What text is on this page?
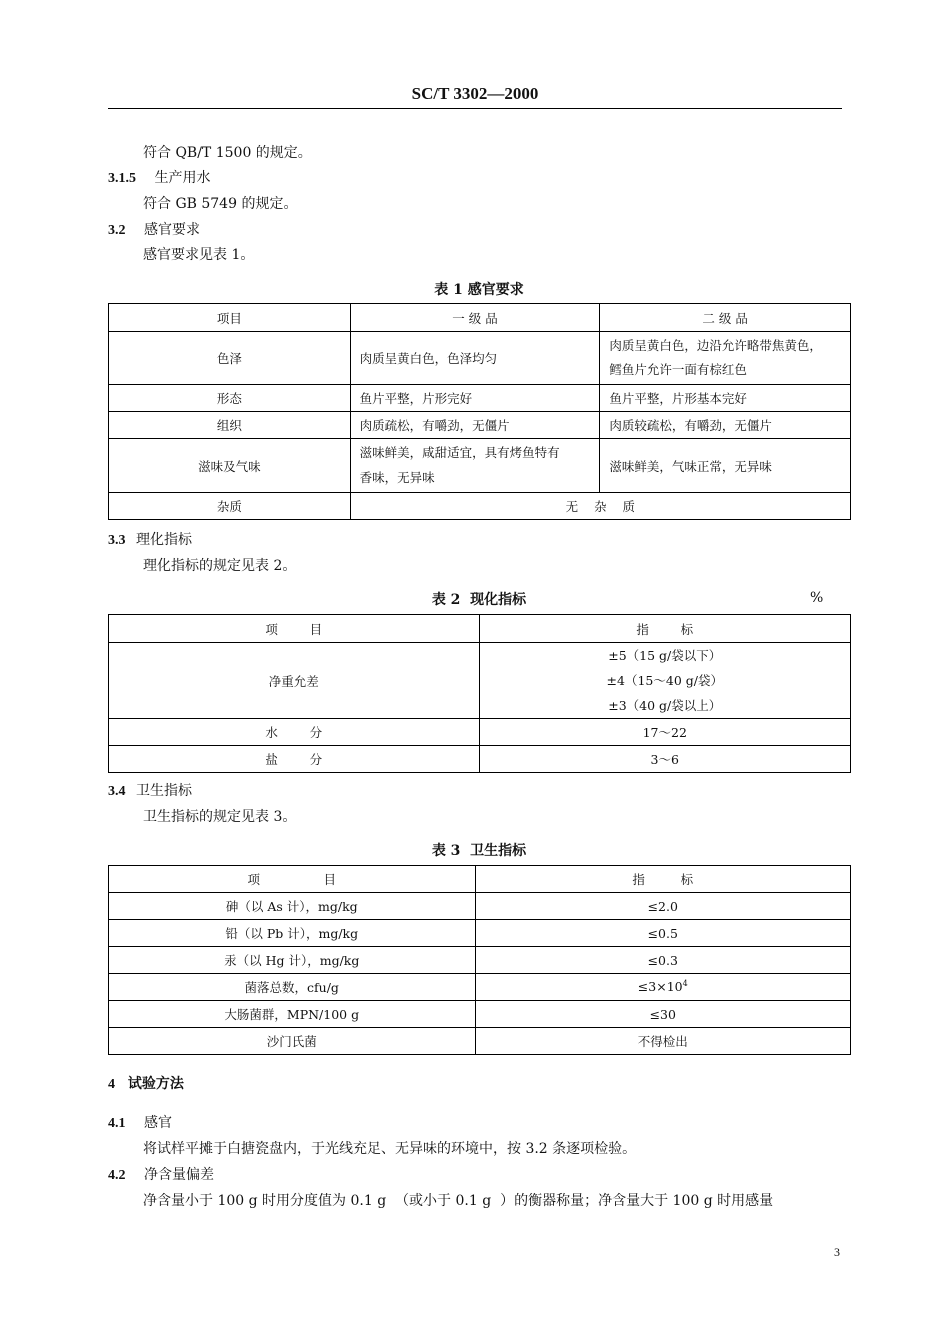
SC/T 3302—2000
符合 QB/T 1500 的规定。
3.1.5 生产用水
符合 GB 5749 的规定。
3.2 感官要求
感官要求见表 1。
表 1 感官要求
项目	一 级 品	二 级 品
色泽	肉质呈黄白色，色泽均匀	肉质呈黄白色，边沿允许略带焦黄色，
鳕鱼片允许一面有棕红色

形态	鱼片平整，片形完好	鱼片平整，片形基本完好
组织	肉质疏松，有嚼劲，无僵片	肉质较疏松，有嚼劲，无僵片
滋味及气味	滋味鲜美，咸甜适宜，具有烤鱼特有
香味，无异味	滋味鲜美，气味正常，无异味
杂质	无    杂    质	
3.3 理化指标
理化指标的规定见表 2。
表 2  现化指标	%
项        目	指        标
净重允差	±5（15 g/袋以下）
±4（15～40 g/袋）
±3（40 g/袋以上）

水        分	17～22
盐        分	3～6
3.4 卫生指标
卫生指标的规定见表 3。
表 3  卫生指标
项                目	指         标
砷（以 As 计），mg/kg	≤2.0
铅（以 Pb 计），mg/kg	≤0.5
汞（以 Hg 计），mg/kg	≤0.3
菌落总数，cfu/g	$\le 3\times 10^4$
大肠菌群，MPN/100 g	≤30
沙门氏菌	不得检出
4 试验方法
4.1 感官
将试样平摊于白搪瓷盘内，于光线充足、无异味的环境中，按 3.2 条逐项检验。
4.2 净含量偏差
净含量小于 100 g 时用分度值为 0.1 g  （或小于 0.1 g  ）的衡器称量；净含量大于 100 g 时用感量
3
